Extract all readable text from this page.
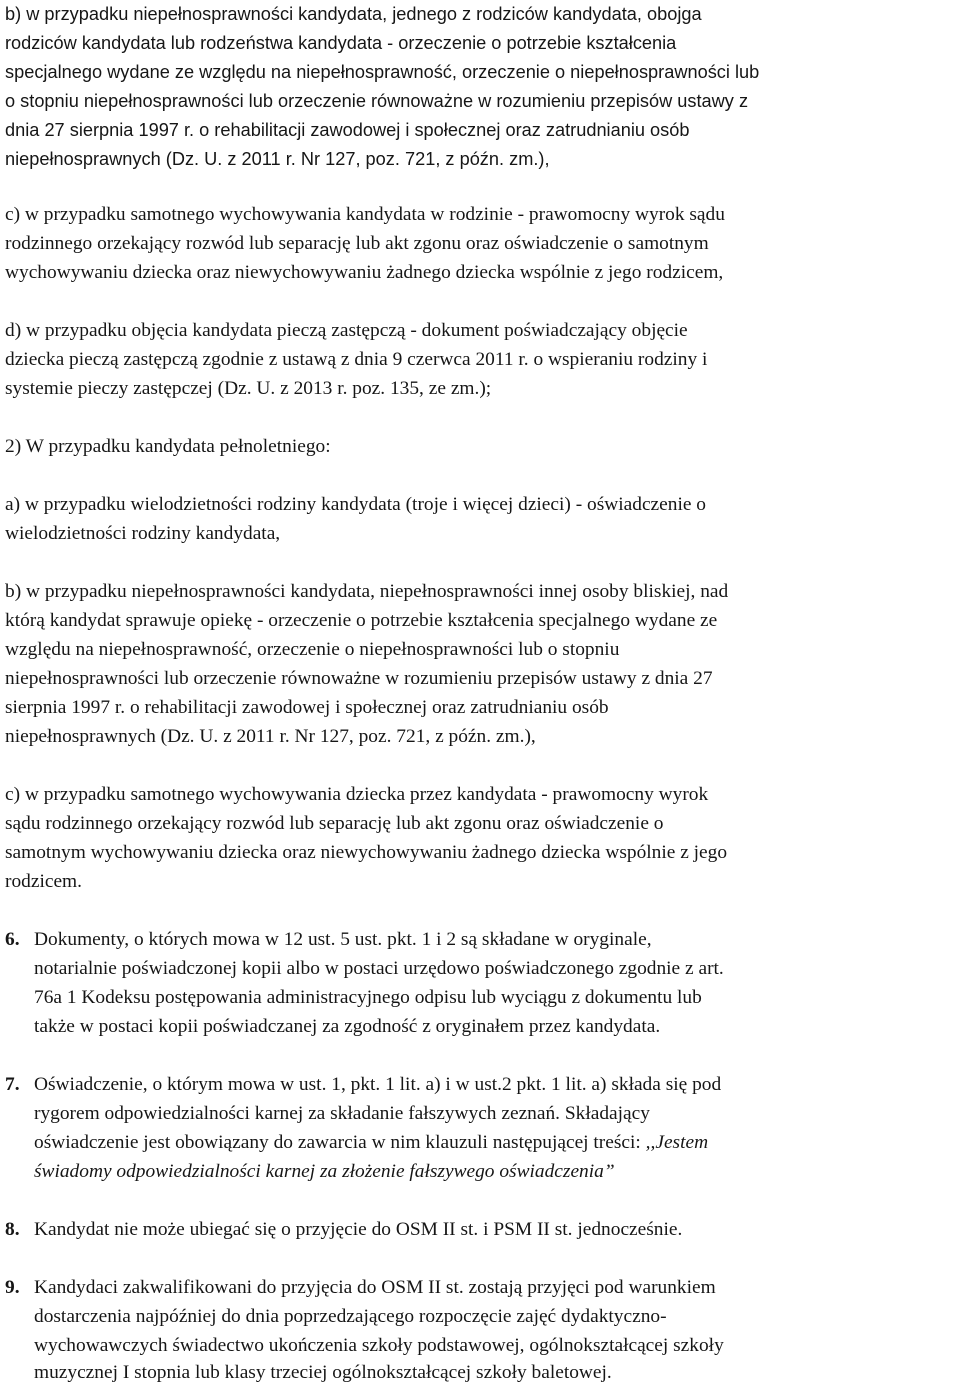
b) w przypadku niepełnosprawności kandydata, jednego z rodziców kandydata, obojga
rodziców kandydata lub rodzeństwa kandydata - orzeczenie o potrzebie kształcenia
specjalnego wydane ze względu na niepełnosprawność, orzeczenie o niepełnosprawności lub
o stopniu niepełnosprawności lub orzeczenie równoważne w rozumieniu przepisów ustawy z
dnia 27 sierpnia 1997 r. o rehabilitacji zawodowej i społecznej oraz zatrudnianiu osób
niepełnosprawnych (Dz. U. z 2011 r. Nr 127, poz. 721, z późn. zm.),
c) w przypadku samotnego wychowywania kandydata w rodzinie - prawomocny wyrok sądu
rodzinnego orzekający rozwód lub separację lub akt zgonu oraz oświadczenie o samotnym
wychowywaniu dziecka oraz niewychowywaniu żadnego dziecka wspólnie z jego rodzicem,
d) w przypadku objęcia kandydata pieczą zastępczą - dokument poświadczający objęcie
dziecka pieczą zastępczą zgodnie z ustawą z dnia 9 czerwca 2011 r. o wspieraniu rodziny i
systemie pieczy zastępczej (Dz. U. z 2013 r. poz. 135, ze zm.);
2) W przypadku kandydata pełnoletniego:
a) w przypadku wielodzietności rodziny kandydata (troje i więcej dzieci) - oświadczenie o
wielodzietności rodziny kandydata,
b) w przypadku niepełnosprawności kandydata, niepełnosprawności innej osoby bliskiej, nad
którą kandydat sprawuje opiekę - orzeczenie o potrzebie kształcenia specjalnego wydane ze
względu na niepełnosprawność, orzeczenie o niepełnosprawności lub o stopniu
niepełnosprawności lub orzeczenie równoważne w rozumieniu przepisów ustawy z dnia 27
sierpnia 1997 r. o rehabilitacji zawodowej i społecznej oraz zatrudnianiu osób
niepełnosprawnych (Dz. U. z 2011 r. Nr 127, poz. 721, z późn. zm.),
c) w przypadku samotnego wychowywania dziecka przez kandydata - prawomocny wyrok
sądu rodzinnego orzekający rozwód lub separację lub akt zgonu oraz oświadczenie o
samotnym wychowywaniu dziecka oraz niewychowywaniu żadnego dziecka wspólnie z jego
rodzicem.
6. Dokumenty, o których mowa w 12 ust. 5 ust. pkt. 1 i 2 są składane w oryginale,
notarialnie poświadczonej kopii albo w postaci urzędowo poświadczonego zgodnie z art.
76a 1 Kodeksu postępowania administracyjnego odpisu lub wyciągu z dokumentu lub
także w postaci kopii poświadczanej za zgodność z oryginałem przez kandydata.
7. Oświadczenie, o którym mowa w ust. 1, pkt. 1 lit. a) i w ust.2 pkt. 1 lit. a) składa się pod
rygorem odpowiedzialności karnej za składanie fałszywych zeznań. Składający
oświadczenie jest obowiązany do zawarcia w nim klauzuli następującej treści: ,,Jestem
świadomy odpowiedzialności karnej za złożenie fałszywego oświadczenia”
8. Kandydat nie może ubiegać się o przyjęcie do OSM II st. i PSM II st. jednocześnie.
9. Kandydaci zakwalifikowani do przyjęcia do OSM II st. zostają przyjęci pod warunkiem
dostarczenia najpóźniej do dnia poprzedzającego rozpoczęcie zajęć dydaktyczno-
wychowawczych świadectwo ukończenia szkoły podstawowej, ogólnokształcącej szkoły
muzycznej I stopnia lub klasy trzeciej ogólnokształcącej szkoły baletowej.
